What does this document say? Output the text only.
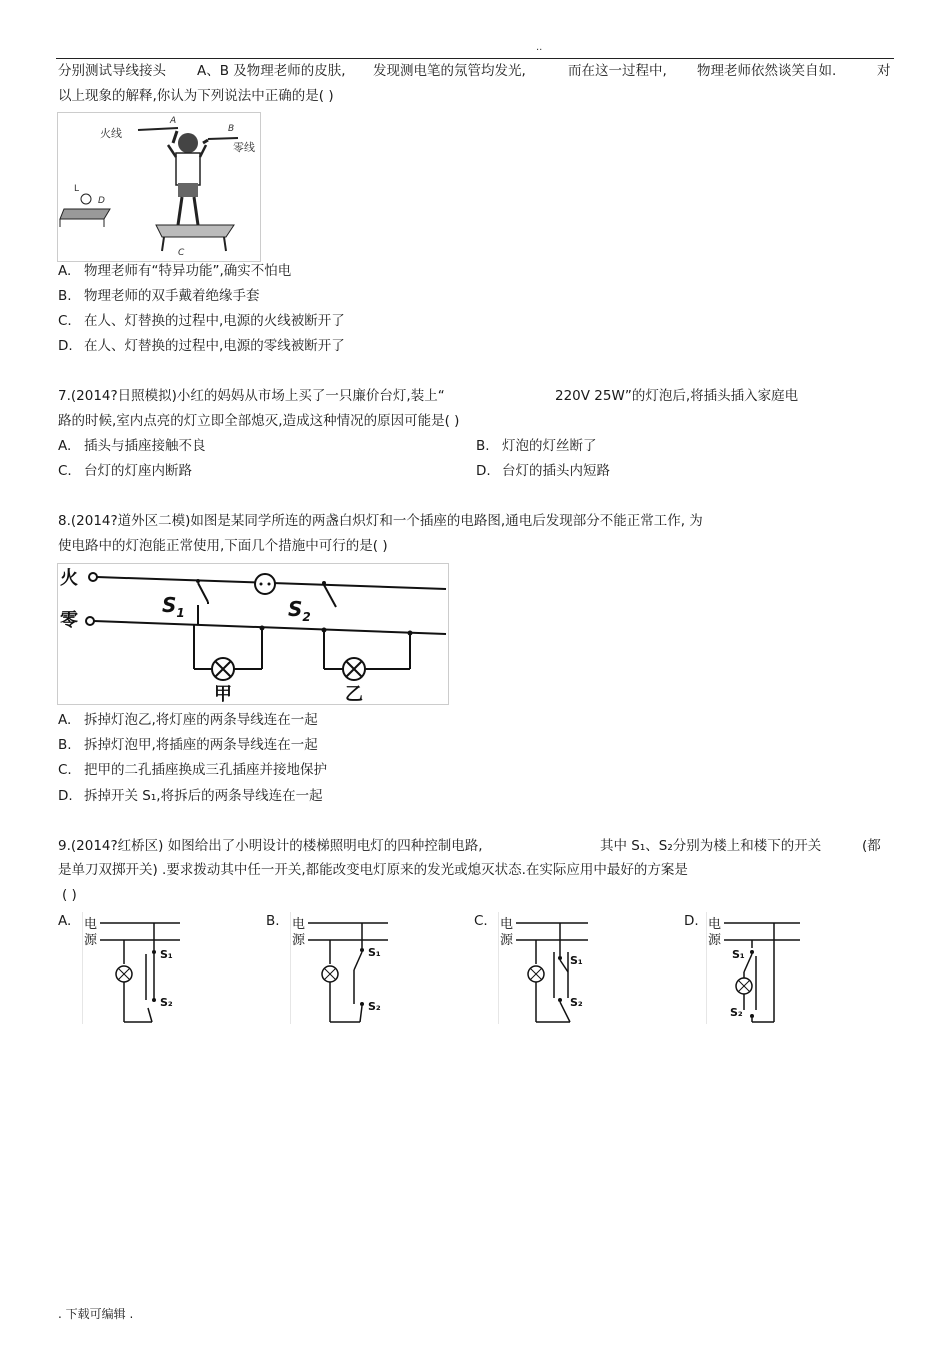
..
分别测试导线接头 A、B 及物理老师的皮肤, 发现测电笔的氖管均发光,	而在这一过程中, 物理老师依然谈笑自如.	对
以上现象的解释,你认为下列说法中正确的是( )
火线
A
B
零线
C
L
D
A. 物理老师有“特异功能”,确实不怕电
B. 物理老师的双手戴着绝缘手套
C. 在人、灯替换的过程中,电源的火线被断开了
D. 在人、灯替换的过程中,电源的零线被断开了
7.(2014?日照模拟)小红的妈妈从市场上买了一只廉价台灯,装上“	220V 25W”的灯泡后,将插头插入家庭电
路的时候,室内点亮的灯立即全部熄灭,造成这种情况的原因可能是( )
A. 插头与插座接触不良	B. 灯泡的灯丝断了
C. 台灯的灯座内断路	D. 台灯的插头内短路
8.(2014?道外区二模)如图是某同学所连的两盏白炽灯和一个插座的电路图,通电后发现部分不能正常工作, 为
使电路中的灯泡能正常使用,下面几个措施中可行的是( )
火
零
$S_1$	$S_2$
甲	乙
A. 拆掉灯泡乙,将灯座的两条导线连在一起
B. 拆掉灯泡甲,将插座的两条导线连在一起
C. 把甲的二孔插座换成三孔插座并接地保护
D. 拆掉开关 S₁,将拆后的两条导线连在一起
9.(2014?红桥区) 如图给出了小明设计的楼梯照明电灯的四种控制电路,	其中 S₁、S₂分别为楼上和楼下的开关	(都
是单刀双掷开关) .要求拨动其中任一开关,都能改变电灯原来的发光或熄灭状态.在实际应用中最好的方案是
( )
A.	B.	C.	D.
电
源
S₁
S₂
电
源
S₁
S₂
电
源
S₁
S₂
电
源
S₁
S₂
. 下载可编辑 .
